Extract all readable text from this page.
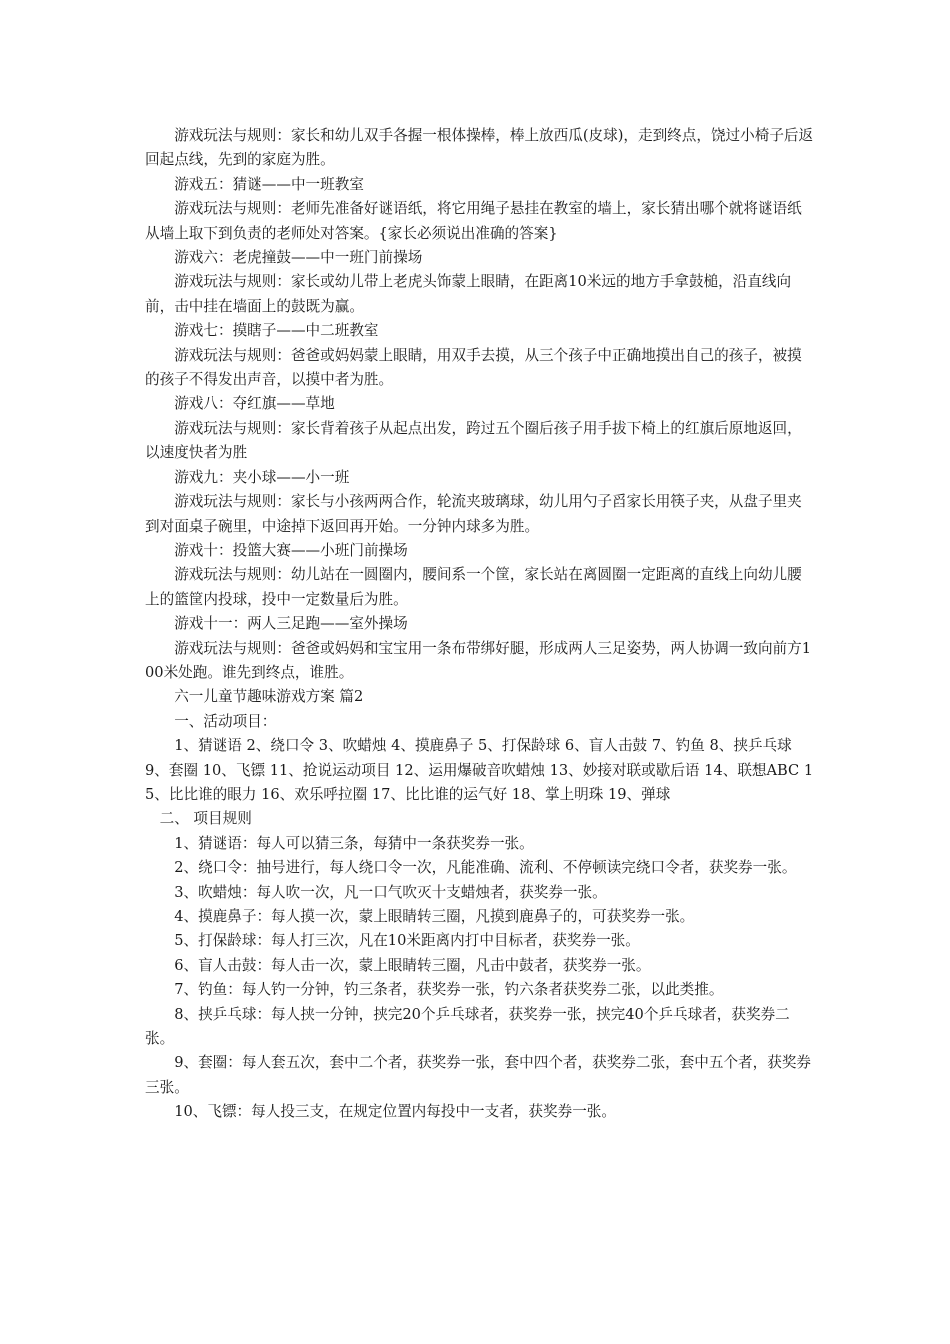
游戏玩法与规则：家长和幼儿双手各握一根体操棒，棒上放西瓜(皮球)，走到终点，饶过小椅子后返回起点线，先到的家庭为胜。

游戏五：猜谜——中一班教室

游戏玩法与规则：老师先准备好谜语纸，将它用绳子悬挂在教室的墙上，家长猜出哪个就将谜语纸从墙上取下到负责的老师处对答案。{家长必须说出准确的答案}

游戏六：老虎撞鼓——中一班门前操场

游戏玩法与规则：家长或幼儿带上老虎头饰蒙上眼睛，在距离10米远的地方手拿鼓槌，沿直线向前，击中挂在墙面上的鼓既为赢。

游戏七：摸瞎子——中二班教室

游戏玩法与规则：爸爸或妈妈蒙上眼睛，用双手去摸，从三个孩子中正确地摸出自己的孩子，被摸的孩子不得发出声音，以摸中者为胜。

游戏八：夺红旗——草地

游戏玩法与规则：家长背着孩子从起点出发，跨过五个圈后孩子用手拔下椅上的红旗后原地返回，以速度快者为胜

游戏九：夹小球——小一班

游戏玩法与规则：家长与小孩两两合作，轮流夹玻璃球，幼儿用勺子舀家长用筷子夹，从盘子里夹到对面桌子碗里，中途掉下返回再开始。一分钟内球多为胜。

游戏十：投篮大赛——小班门前操场

游戏玩法与规则：幼儿站在一圆圈内，腰间系一个筐，家长站在离圆圈一定距离的直线上向幼儿腰上的篮筐内投球，投中一定数量后为胜。

游戏十一：两人三足跑——室外操场

游戏玩法与规则：爸爸或妈妈和宝宝用一条布带绑好腿，形成两人三足姿势，两人协调一致向前方100米处跑。谁先到终点，谁胜。

六一儿童节趣味游戏方案 篇2

一、活动项目：

1、猜谜语 2、绕口令 3、吹蜡烛 4、摸鹿鼻子 5、打保龄球 6、盲人击鼓 7、钓鱼 8、挟乒乓球 9、套圈 10、飞镖 11、抢说运动项目 12、运用爆破音吹蜡烛 13、妙接对联或歇后语 14、联想ABC 15、比比谁的眼力 16、欢乐呼拉圈 17、比比谁的运气好 18、掌上明珠 19、弹球

二、 项目规则

1、猜谜语：每人可以猜三条，每猜中一条获奖券一张。

2、绕口令：抽号进行，每人绕口令一次，凡能准确、流利、不停顿读完绕口令者，获奖券一张。

3、吹蜡烛：每人吹一次，凡一口气吹灭十支蜡烛者，获奖券一张。

4、摸鹿鼻子：每人摸一次，蒙上眼睛转三圈，凡摸到鹿鼻子的，可获奖券一张。

5、打保龄球：每人打三次，凡在10米距离内打中目标者，获奖券一张。

6、盲人击鼓：每人击一次，蒙上眼睛转三圈，凡击中鼓者，获奖券一张。

7、钓鱼：每人钓一分钟，钓三条者，获奖券一张，钓六条者获奖券二张，以此类推。

8、挟乒乓球：每人挟一分钟，挟完20个乒乓球者，获奖券一张，挟完40个乒乓球者，获奖券二张。

9、套圈：每人套五次，套中二个者，获奖券一张，套中四个者，获奖券二张，套中五个者，获奖券三张。

10、飞镖：每人投三支，在规定位置内每投中一支者，获奖券一张。
